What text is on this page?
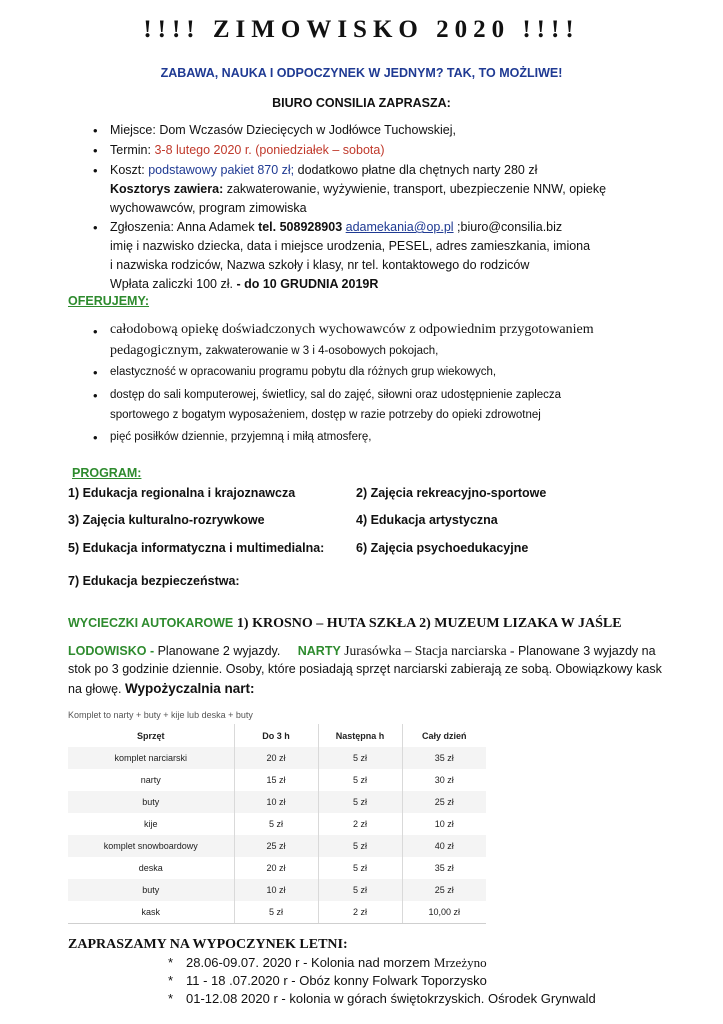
!!!! ZIMOWISKO 2020 !!!!
ZABAWA, NAUKA I ODPOCZYNEK W JEDNYM? TAK, TO MOŻLIWE!
BIURO CONSILIA ZAPRASZA:
• Miejsce: Dom Wczasów Dziecięcych w Jodłówce Tuchowskiej,
• Termin: 3-8 lutego 2020 r. (poniedziałek – sobota)
• Koszt: podstawowy pakiet 870 zł; dodatkowo płatne dla chętnych narty 280 zł
Kosztorys zawiera: zakwaterowanie, wyżywienie, transport, ubezpieczenie NNW, opiekę
wychowawców, program zimowiska
• Zgłoszenia: Anna Adamek tel. 508928903 adamekania@op.pl ;biuro@consilia.biz
imię i nazwisko dziecka, data i miejsce urodzenia, PESEL, adres zamieszkania, imiona
i nazwiska rodziców, Nazwa szkoły i klasy, nr tel. kontaktowego do rodziców
Wpłata zaliczki 100 zł. - do 10 GRUDNIA 2019R
OFERUJEMY:
• całodobową opiekę doświadczonych wychowawców z odpowiednim przygotowaniem
pedagogicznym, zakwaterowanie w 3 i 4-osobowych pokojach,
• elastyczność w opracowaniu programu pobytu dla różnych grup wiekowych,
• dostęp do sali komputerowej, świetlicy, sal do zajęć, siłowni oraz udostępnienie zaplecza
sportowego z bogatym wyposażeniem, dostęp w razie potrzeby do opieki zdrowotnej
• pięć posiłków dziennie, przyjemną i miłą atmosferę,
PROGRAM:
1) Edukacja regionalna i krajoznawcza	2) Zajęcia rekreacyjno-sportowe
3) Zajęcia kulturalno-rozrywkowe	4) Edukacja artystyczna
5) Edukacja informatyczna i multimedialna:	6) Zajęcia psychoedukacyjne
7) Edukacja bezpieczeństwa:
WYCIECZKI AUTOKAROWE 1) KROSNO – HUTA SZKŁA 2) MUZEUM LIZAKA W JAŚLE
LODOWISKO - Planowane 2 wyjazdy. NARTY Jurasówka – Stacja narciarska - Planowane 3 wyjazdy na
stok po 3 godzinie dziennie. Osoby, które posiadają sprzęt narciarski zabierają ze sobą. Obowiązkowy kask
na głowę. Wypożyczalnia nart:
Komplet to narty + buty + kije lub deska + buty
Sprzęt	Do 3 h	Następna h	Cały dzień
komplet narciarski	20 zł	5 zł	35 zł
narty	15 zł	5 zł	30 zł
buty	10 zł	5 zł	25 zł
kije	5 zł	2 zł	10 zł
komplet snowboardowy	25 zł	5 zł	40 zł
deska	20 zł	5 zł	35 zł
buty	10 zł	5 zł	25 zł
kask	5 zł	2 zł	10,00 zł
ZAPRASZAMY NA WYPOCZYNEK LETNI:
* 28.06-09.07. 2020 r - Kolonia nad morzem Mrzeżyno
* 11 - 18 .07.2020 r - Obóz konny Folwark Toporzysko
* 01-12.08 2020 r - kolonia w górach świętokrzyskich. Ośrodek Grynwald
